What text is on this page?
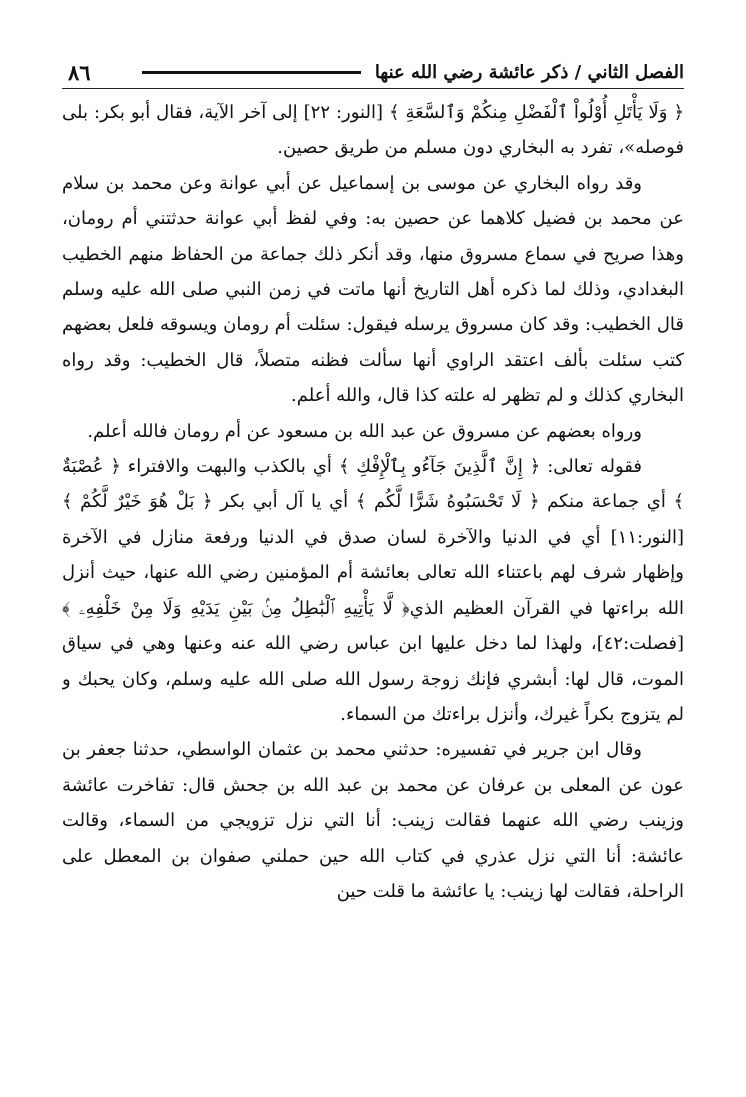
٨٦	الفصل الثاني / ذكر عائشة رضي الله عنها

﴿ وَلَا يَأْتَلِ أُوْلُواْ ٱلْفَضْلِ مِنكُمْ وَٱلسَّعَةِ ﴾ [النور: ٢٢] إلى آخر الآية، فقال أبو بكر: بلى فوصله»، تفرد به البخاري دون مسلم من طريق حصين.

وقد رواه البخاري عن موسى بن إسماعيل عن أبي عوانة وعن محمد بن سلام عن محمد بن فضيل كلاهما عن حصين به: وفي لفظ أبي عوانة حدثتني أم رومان، وهذا صريح في سماع مسروق منها، وقد أنكر ذلك جماعة من الحفاظ منهم الخطيب البغدادي، وذلك لما ذكره أهل التاريخ أنها ماتت في زمن النبي صلى الله عليه وسلم قال الخطيب: وقد كان مسروق يرسله فيقول: سئلت أم رومان ويسوقه فلعل بعضهم كتب سئلت بألف اعتقد الراوي أنها سألت فظنه متصلاً، قال الخطيب: وقد رواه البخاري كذلك و لم تظهر له علته كذا قال، والله أعلم.

ورواه بعضهم عن مسروق عن عبد الله بن مسعود عن أم رومان فالله أعلم.

فقوله تعالى: ﴿ إِنَّ ٱلَّذِينَ جَآءُو بِٱلْإِفْكِ ﴾ أي بالكذب والبهت والافتراء ﴿ عُصْبَةٌ ﴾ أي جماعة منكم ﴿ لَا تَحْسَبُوهُ شَرًّا لَّكُم ﴾ أي يا آل أبي بكر ﴿ بَلْ هُوَ خَيْرٌ لَّكُمْ ﴾ [النور:١١] أي في الدنيا والآخرة لسان صدق في الدنيا ورفعة منازل في الآخرة وإظهار شرف لهم باعتناء الله تعالى بعائشة أم المؤمنين رضي الله عنها، حيث أنزل الله براءتها في القرآن العظيم الذي﴿ لَّا يَأْتِيهِ ٱلْبَٰطِلُ مِنۢ بَيْنِ يَدَيْهِ وَلَا مِنْ خَلْفِهِۦ ﴾ [فصلت:٤٢]، ولهذا لما دخل عليها ابن عباس رضي الله عنه وعنها وهي في سياق الموت، قال لها: أبشري فإنك زوجة رسول الله صلى الله عليه وسلم، وكان يحبك و لم يتزوج بكراً غيرك، وأنزل براءتك من السماء.

وقال ابن جرير في تفسيره: حدثني محمد بن عثمان الواسطي، حدثنا جعفر بن عون عن المعلى بن عرفان عن محمد بن عبد الله بن جحش قال: تفاخرت عائشة وزينب رضي الله عنهما فقالت زينب: أنا التي نزل تزويجي من السماء، وقالت عائشة: أنا التي نزل عذري في كتاب الله حين حملني صفوان بن المعطل على الراحلة، فقالت لها زينب: يا عائشة ما قلت حين
